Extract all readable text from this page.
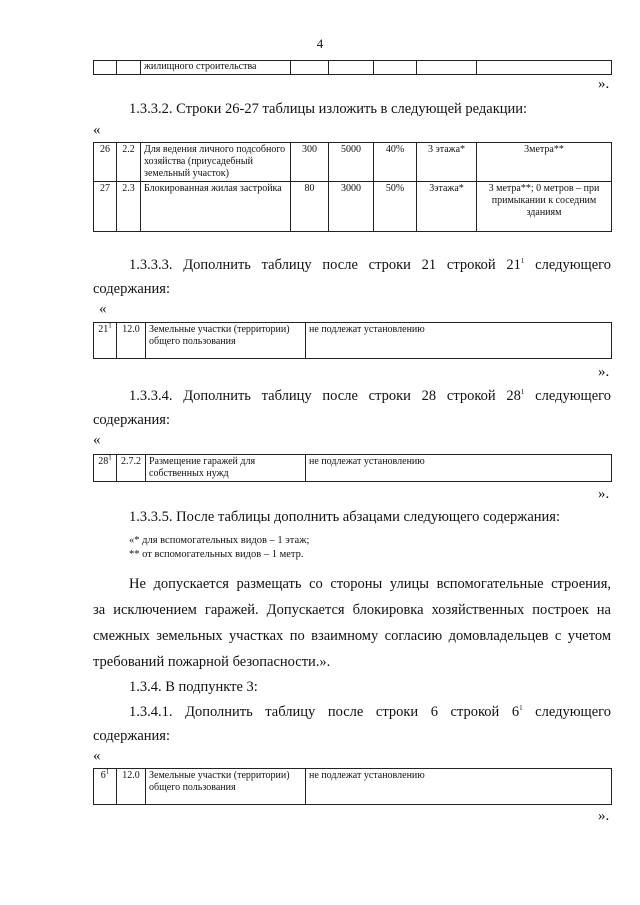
4
		жилищного строительства					
».
1.3.3.2. Строки 26-27 таблицы изложить в следующей редакции:
«
26	2.2	Для ведения личного подсобного хозяйства (приусадебный земельный участок)	300	5000	40%	3 этажа*	3метра**
27	2.3	Блокированная жилая застройка	80	3000	50%	3этажа*	3 метра**; 0 метров – при примыкании к соседним зданиям
1.3.3.3. Дополнить таблицу после строки 21 строкой $21^1$ следующего
содержания:
«
$21^1$	12.0	Земельные участки (территории) общего пользования	не подлежат установлению
».
1.3.3.4. Дополнить таблицу после строки 28 строкой $28^1$ следующего
содержания:
«
$28^1$	2.7.2	Размещение гаражей для собственных нужд	не подлежат установлению
».
1.3.3.5. После таблицы дополнить абзацами следующего содержания:
«* для вспомогательных видов – 1 этаж;
** от вспомогательных видов – 1 метр.
Не допускается размещать со стороны улицы вспомогательные строения,
за исключением гаражей. Допускается блокировка хозяйственных построек на
смежных земельных участках по взаимному согласию домовладельцев с учетом
требований пожарной безопасности.».
1.3.4. В подпункте 3:
1.3.4.1. Дополнить таблицу после строки 6 строкой $6^1$ следующего
содержания:
«
$6^1$	12.0	Земельные участки (территории) общего пользования	не подлежат установлению
».
